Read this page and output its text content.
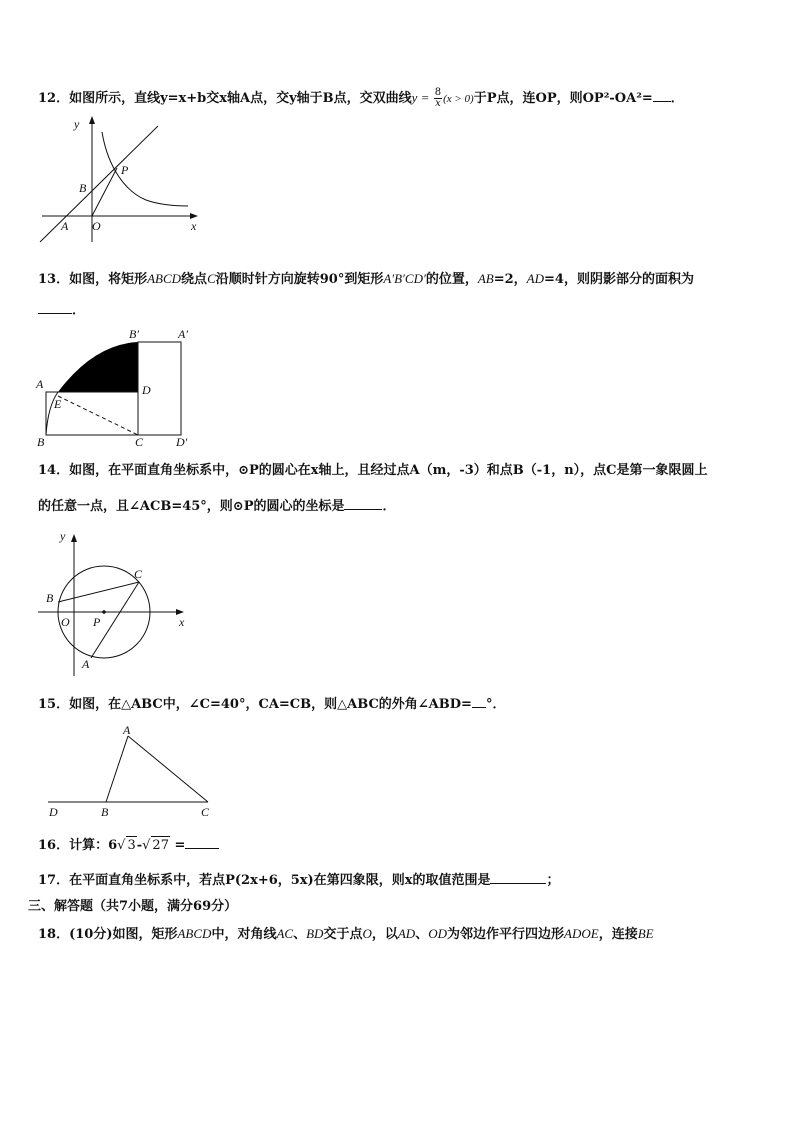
12．如图所示，直线y=x+b交x轴A点，交y轴于B点，交双曲线$y = \frac{8}{x} (x > 0)$于P点，连OP，则OP²-OA²= ．
y
x
O
A
B
P
13．如图，将矩形ABCD绕点C沿顺时针方向旋转90°到矩形A′B′CD′的位置，AB=2，AD=4，则阴影部分的面积为
．
B′	A′
A	D
E
B	C	D′
14．如图，在平面直角坐标系中，⊙P的圆心在x轴上，且经过点A（m，-3）和点B（-1，n），点C是第一象限圆上
的任意一点，且∠ACB=45°，则⊙P的圆心的坐标是	．
y
x
O P
A
B
C
15．如图，在△ABC中，∠C=40°，CA=CB，则△ABC的外角∠ABD= °．
A
B	C
D
16．计算：6√ 3-√ 27 =
17．在平面直角坐标系中，若点P(2x+6，5x)在第四象限，则x的取值范围是	；
三、解答题（共7小题，满分69分）
18．(10分)如图，矩形ABCD中，对角线AC、BD交于点O，以AD、OD为邻边作平行四边形ADOE，连接BE
